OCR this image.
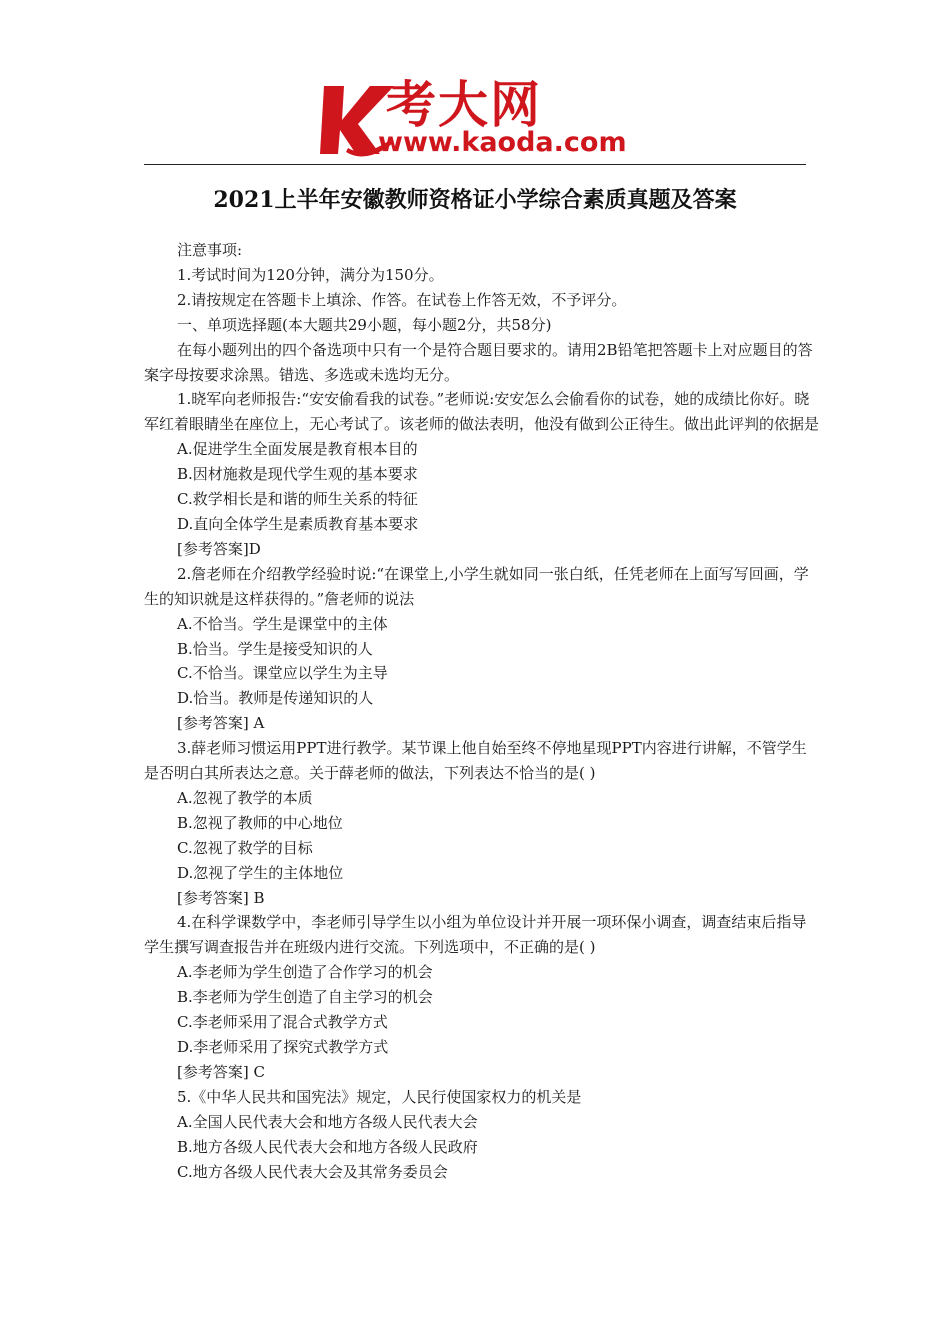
考大网
www.kaoda.com
2021上半年安徽教师资格证小学综合素质真题及答案

注意事项:

1.考试时间为120分钟，满分为150分。

2.请按规定在答题卡上填涂、作答。在试卷上作答无效，不予评分。

一、单项选择题(本大题共29小题，每小题2分，共58分)

在每小题列出的四个备选项中只有一个是符合题目要求的。请用2B铅笔把答题卡上对应题目的答案字母按要求涂黑。错选、多选或未选均无分。

1.晓军向老师报告:“安安偷看我的试卷。”老师说:安安怎么会偷看你的试卷，她的成绩比你好。晓军红着眼睛坐在座位上，无心考试了。该老师的做法表明，他没有做到公正待生。做出此评判的依据是

A.促进学生全面发展是教育根本目的

B.因材施救是现代学生观的基本要求

C.救学相长是和谐的师生关系的特征

D.直向全体学生是素质教育基本要求

[参考答案]D

2.詹老师在介绍教学经验时说:“在课堂上,小学生就如同一张白纸，任凭老师在上面写写回画，学生的知识就是这样获得的。”詹老师的说法

A.不恰当。学生是课堂中的主体

B.恰当。学生是接受知识的人

C.不恰当。课堂应以学生为主导

D.恰当。教师是传递知识的人

[参考答案] A

3.薛老师习惯运用PPT进行教学。某节课上他自始至终不停地星现PPT内容进行讲解，不管学生是否明白其所表达之意。关于薛老师的做法，下列表达不恰当的是( )

A.忽视了教学的本质

B.忽视了教师的中心地位

C.忽视了救学的目标

D.忽视了学生的主体地位

[参考答案] B

4.在科学课数学中，李老师引导学生以小组为单位设计并开展一项环保小调查，调查结束后指导学生撰写调查报告并在班级内进行交流。下列选项中，不正确的是( )

A.李老师为学生创造了合作学习的机会

B.李老师为学生创造了自主学习的机会

C.李老师采用了混合式教学方式

D.李老师采用了探究式教学方式

[参考答案] C

5.《中华人民共和国宪法》规定，人民行使国家权力的机关是

A.全国人民代表大会和地方各级人民代表大会

B.地方各级人民代表大会和地方各级人民政府

C.地方各级人民代表大会及其常务委员会
